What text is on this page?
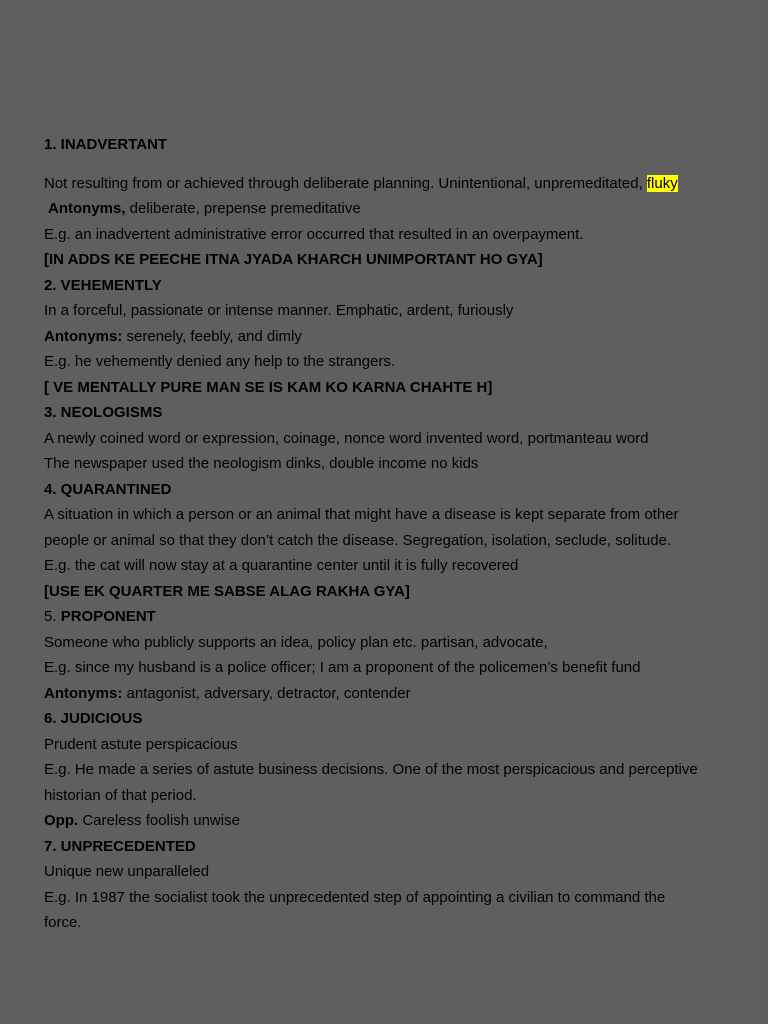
1. INADVERTANT
Not resulting from or achieved through deliberate planning. Unintentional, unpremeditated, fluky
Antonyms, deliberate, prepense premeditative
E.g. an inadvertent administrative error occurred that resulted in an overpayment.
[IN ADDS KE PEECHE ITNA JYADA KHARCH UNIMPORTANT HO GYA]
2. VEHEMENTLY
In a forceful, passionate or intense manner. Emphatic, ardent, furiously
Antonyms: serenely, feebly, and dimly
E.g. he vehemently denied any help to the strangers.
[ VE MENTALLY PURE MAN SE IS KAM KO KARNA CHAHTE H]
3. NEOLOGISMS
A newly coined word or expression, coinage, nonce word invented word, portmanteau word
The newspaper used the neologism dinks, double income no kids
4. QUARANTINED
A situation in which a person or an animal that might have a disease is kept separate from other
people or animal so that they don’t catch the disease. Segregation, isolation, seclude, solitude.
E.g. the cat will now stay at a quarantine center until it is fully recovered
[USE EK QUARTER ME SABSE ALAG RAKHA GYA]
5. PROPONENT
Someone who publicly supports an idea, policy plan etc. partisan, advocate,
E.g. since my husband is a police officer; I am a proponent of the policemen’s benefit fund
Antonyms: antagonist, adversary, detractor, contender
6. JUDICIOUS
Prudent astute perspicacious
E.g. He made a series of astute business decisions. One of the most perspicacious and perceptive
historian of that period.
Opp. Careless foolish unwise
7. UNPRECEDENTED
Unique new unparalleled
E.g. In 1987 the socialist took the unprecedented step of appointing a civilian to command the
force.
